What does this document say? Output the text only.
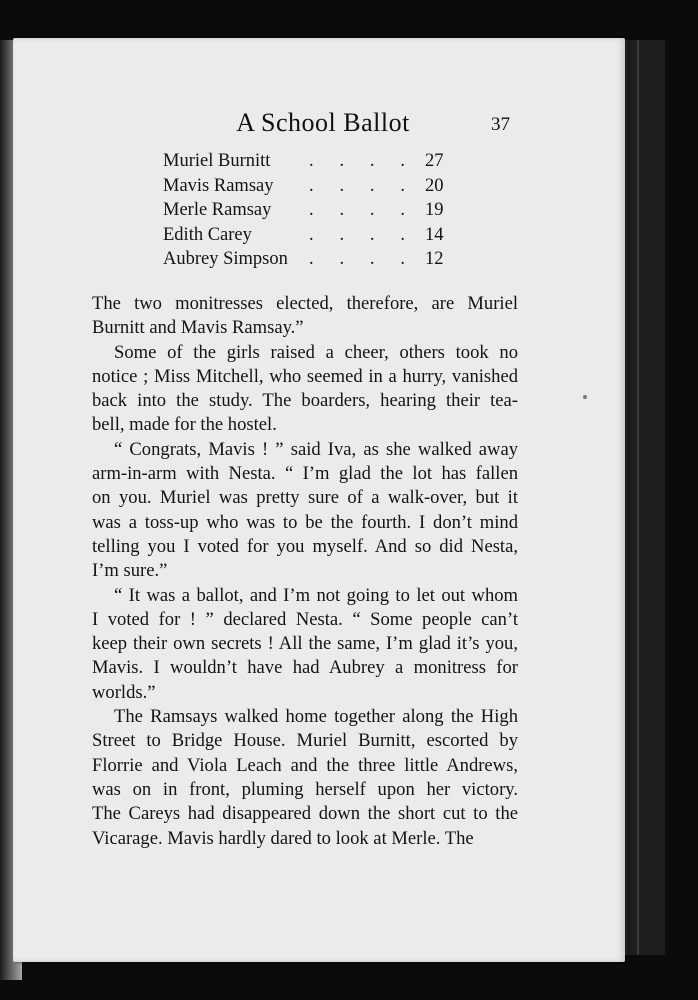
A School Ballot	37
Muriel Burnitt . . . . 27
Mavis Ramsay . . . . 20
Merle Ramsay . . . . 19
Edith Carey	. . . . 14
Aubrey Simpson . . . . 12
The two monitresses elected, therefore, are Muriel
Burnitt and Mavis Ramsay.”
Some of the girls raised a cheer, others took no
notice ; Miss Mitchell, who seemed in a hurry, vanished
back into the study. The boarders, hearing their tea-
bell, made for the hostel.
“ Congrats, Mavis ! ” said Iva, as she walked away
arm-in-arm with Nesta. “ I’m glad the lot has fallen
on you. Muriel was pretty sure of a walk-over, but it
was a toss-up who was to be the fourth. I don’t mind
telling you I voted for you myself. And so did Nesta,
I’m sure.”
“ It was a ballot, and I’m not going to let out whom
I voted for ! ” declared Nesta. “ Some people can’t
keep their own secrets ! All the same, I’m glad it’s you,
Mavis. I wouldn’t have had Aubrey a monitress for
worlds.”
The Ramsays walked home together along the High
Street to Bridge House. Muriel Burnitt, escorted by
Florrie and Viola Leach and the three little Andrews,
was on in front, pluming herself upon her victory.
The Careys had disappeared down the short cut to the
Vicarage. Mavis hardly dared to look at Merle. The
